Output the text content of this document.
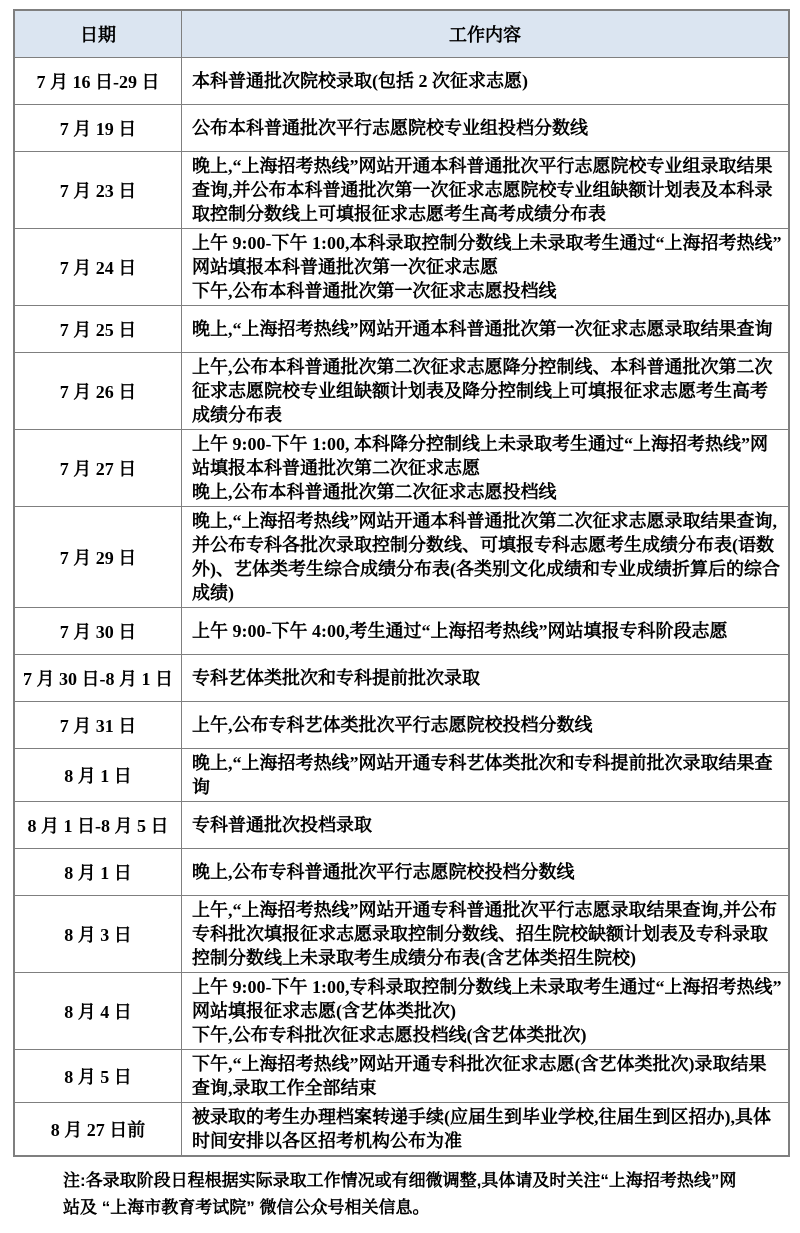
日期	工作内容
7 月 16 日-29 日	本科普通批次院校录取(包括 2 次征求志愿)

7 月 19 日	公布本科普通批次平行志愿院校专业组投档分数线

7 月 23 日	晚上,“上海招考热线”网站开通本科普通批次平行志愿院校专业组录取结果查询,并公布本科普通批次第一次征求志愿院校专业组缺额计划表及本科录取控制分数线上可填报征求志愿考生高考成绩分布表

7 月 24 日	上午 9:00-下午 1:00,本科录取控制分数线上未录取考生通过“上海招考热线”网站填报本科普通批次第一次征求志愿
下午,公布本科普通批次第一次征求志愿投档线

7 月 25 日	晚上,“上海招考热线”网站开通本科普通批次第一次征求志愿录取结果查询

7 月 26 日	上午,公布本科普通批次第二次征求志愿降分控制线、本科普通批次第二次征求志愿院校专业组缺额计划表及降分控制线上可填报征求志愿考生高考成绩分布表

7 月 27 日	上午 9:00-下午 1:00, 本科降分控制线上未录取考生通过“上海招考热线”网站填报本科普通批次第二次征求志愿
晚上,公布本科普通批次第二次征求志愿投档线

7 月 29 日	晚上,“上海招考热线”网站开通本科普通批次第二次征求志愿录取结果查询,并公布专科各批次录取控制分数线、可填报专科志愿考生成绩分布表(语数外)、艺体类考生综合成绩分布表(各类别文化成绩和专业成绩折算后的综合成绩)

7 月 30 日	上午 9:00-下午 4:00,考生通过“上海招考热线”网站填报专科阶段志愿

7 月 30 日-8 月 1 日	专科艺体类批次和专科提前批次录取

7 月 31 日	上午,公布专科艺体类批次平行志愿院校投档分数线

8 月 1 日	晚上,“上海招考热线”网站开通专科艺体类批次和专科提前批次录取结果查询

8 月 1 日-8 月 5 日	专科普通批次投档录取

8 月 1 日	晚上,公布专科普通批次平行志愿院校投档分数线

8 月 3 日	上午,“上海招考热线”网站开通专科普通批次平行志愿录取结果查询,并公布专科批次填报征求志愿录取控制分数线、招生院校缺额计划表及专科录取控制分数线上未录取考生成绩分布表(含艺体类招生院校)

8 月 4 日	上午 9:00-下午 1:00,专科录取控制分数线上未录取考生通过“上海招考热线”网站填报征求志愿(含艺体类批次)
下午,公布专科批次征求志愿投档线(含艺体类批次)

8 月 5 日	下午,“上海招考热线”网站开通专科批次征求志愿(含艺体类批次)录取结果查询,录取工作全部结束

8 月 27 日前	被录取的考生办理档案转递手续(应届生到毕业学校,往届生到区招办),具体时间安排以各区招考机构公布为准

注:各录取阶段日程根据实际录取工作情况或有细微调整,具体请及时关注“上海招考热线”网站及 “上海市教育考试院” 微信公众号相关信息。
